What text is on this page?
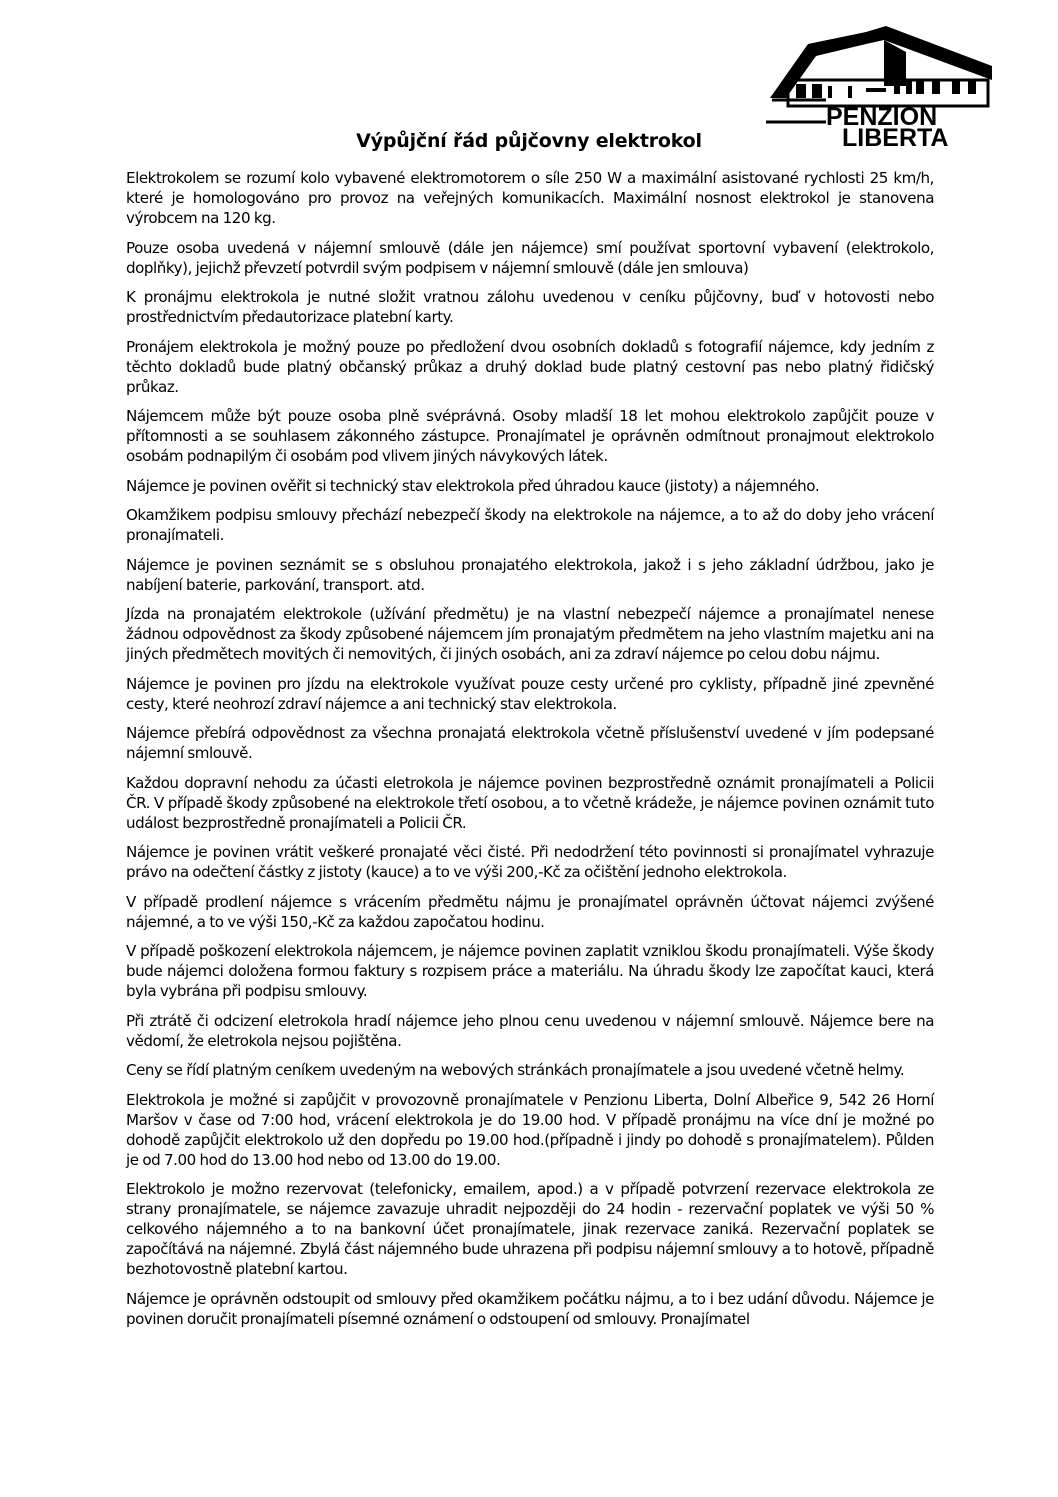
PENZION
LIBERTA
Výpůjční řád půjčovny elektrokol

Elektrokolem se rozumí kolo vybavené elektromotorem o síle 250 W a maximální asistované rychlosti 25 km/h, které je homologováno pro provoz na veřejných komunikacích. Maximální nosnost elektrokol je stanovena výrobcem na 120 kg.

Pouze osoba uvedená v nájemní smlouvě (dále jen nájemce) smí používat sportovní vybavení (elektrokolo, doplňky), jejichž převzetí potvrdil svým podpisem v nájemní smlouvě (dále jen smlouva)

K pronájmu elektrokola je nutné složit vratnou zálohu uvedenou v ceníku půjčovny, buď v hotovosti nebo prostřednictvím předautorizace platební karty.

Pronájem elektrokola je možný pouze po předložení dvou osobních dokladů s fotografií nájemce, kdy jedním z těchto dokladů bude platný občanský průkaz a druhý doklad bude platný cestovní pas nebo platný řidičský průkaz.

Nájemcem může být pouze osoba plně svéprávná. Osoby mladší 18 let mohou elektrokolo zapůjčit pouze v přítomnosti a se souhlasem zákonného zástupce. Pronajímatel je oprávněn odmítnout pronajmout elektrokolo osobám podnapilým či osobám pod vlivem jiných návykových látek.

Nájemce je povinen ověřit si technický stav elektrokola před úhradou kauce (jistoty) a nájemného.

Okamžikem podpisu smlouvy přechází nebezpečí škody na elektrokole na nájemce, a to až do doby jeho vrácení pronajímateli.

Nájemce je povinen seznámit se s obsluhou pronajatého elektrokola, jakož i s jeho základní údržbou, jako je nabíjení baterie, parkování, transport. atd.

Jízda na pronajatém elektrokole (užívání předmětu) je na vlastní nebezpečí nájemce a pronajímatel nenese žádnou odpovědnost za škody způsobené nájemcem jím pronajatým předmětem na jeho vlastním majetku ani na jiných předmětech movitých či nemovitých, či jiných osobách, ani za zdraví nájemce po celou dobu nájmu.

Nájemce je povinen pro jízdu na elektrokole využívat pouze cesty určené pro cyklisty, případně jiné zpevněné cesty, které neohrozí zdraví nájemce a ani technický stav elektrokola.

Nájemce přebírá odpovědnost za všechna pronajatá elektrokola včetně příslušenství uvedené v jím podepsané nájemní smlouvě.

Každou dopravní nehodu za účasti eletrokola je nájemce povinen bezprostředně oznámit pronajímateli a Policii ČR. V případě škody způsobené na elektrokole třetí osobou, a to včetně krádeže, je nájemce povinen oznámit tuto událost bezprostředně pronajímateli a Policii ČR.

Nájemce je povinen vrátit veškeré pronajaté věci čisté. Při nedodržení této povinnosti si pronajímatel vyhrazuje právo na odečtení částky z jistoty (kauce) a to ve výši 200,-Kč za očištění jednoho elektrokola.

V případě prodlení nájemce s vrácením předmětu nájmu je pronajímatel oprávněn účtovat nájemci zvýšené nájemné, a to ve výši 150,-Kč za každou započatou hodinu.

V případě poškození elektrokola nájemcem, je nájemce povinen zaplatit vzniklou škodu pronajímateli. Výše škody bude nájemci doložena formou faktury s rozpisem práce a materiálu. Na úhradu škody lze započítat kauci, která byla vybrána při podpisu smlouvy.

Při ztrátě či odcizení eletrokola hradí nájemce jeho plnou cenu uvedenou v nájemní smlouvě. Nájemce bere na vědomí, že eletrokola nejsou pojištěna.

Ceny se řídí platným ceníkem uvedeným na webových stránkách pronajímatele a jsou uvedené včetně helmy.

Elektrokola je možné si zapůjčit v provozovně pronajímatele v Penzionu Liberta, Dolní Albeřice 9, 542 26 Horní Maršov v čase od 7:00 hod, vrácení elektrokola je do 19.00 hod. V případě pronájmu na více dní je možné po dohodě zapůjčit elektrokolo už den dopředu po 19.00 hod.(případně i jindy po dohodě s pronajímatelem). Půlden je od 7.00 hod do 13.00 hod nebo od 13.00 do 19.00.

Elektrokolo je možno rezervovat (telefonicky, emailem, apod.) a v případě potvrzení rezervace elektrokola ze strany pronajímatele, se nájemce zavazuje uhradit nejpozději do 24 hodin - rezervační poplatek ve výši 50 % celkového nájemného a to na bankovní účet pronajímatele, jinak rezervace zaniká. Rezervační poplatek se započítává na nájemné. Zbylá část nájemného bude uhrazena při podpisu nájemní smlouvy a to hotově, případně bezhotovostně platební kartou.

Nájemce je oprávněn odstoupit od smlouvy před okamžikem počátku nájmu, a to i bez udání důvodu. Nájemce je povinen doručit pronajímateli písemné oznámení o odstoupení od smlouvy. Pronajímatel
